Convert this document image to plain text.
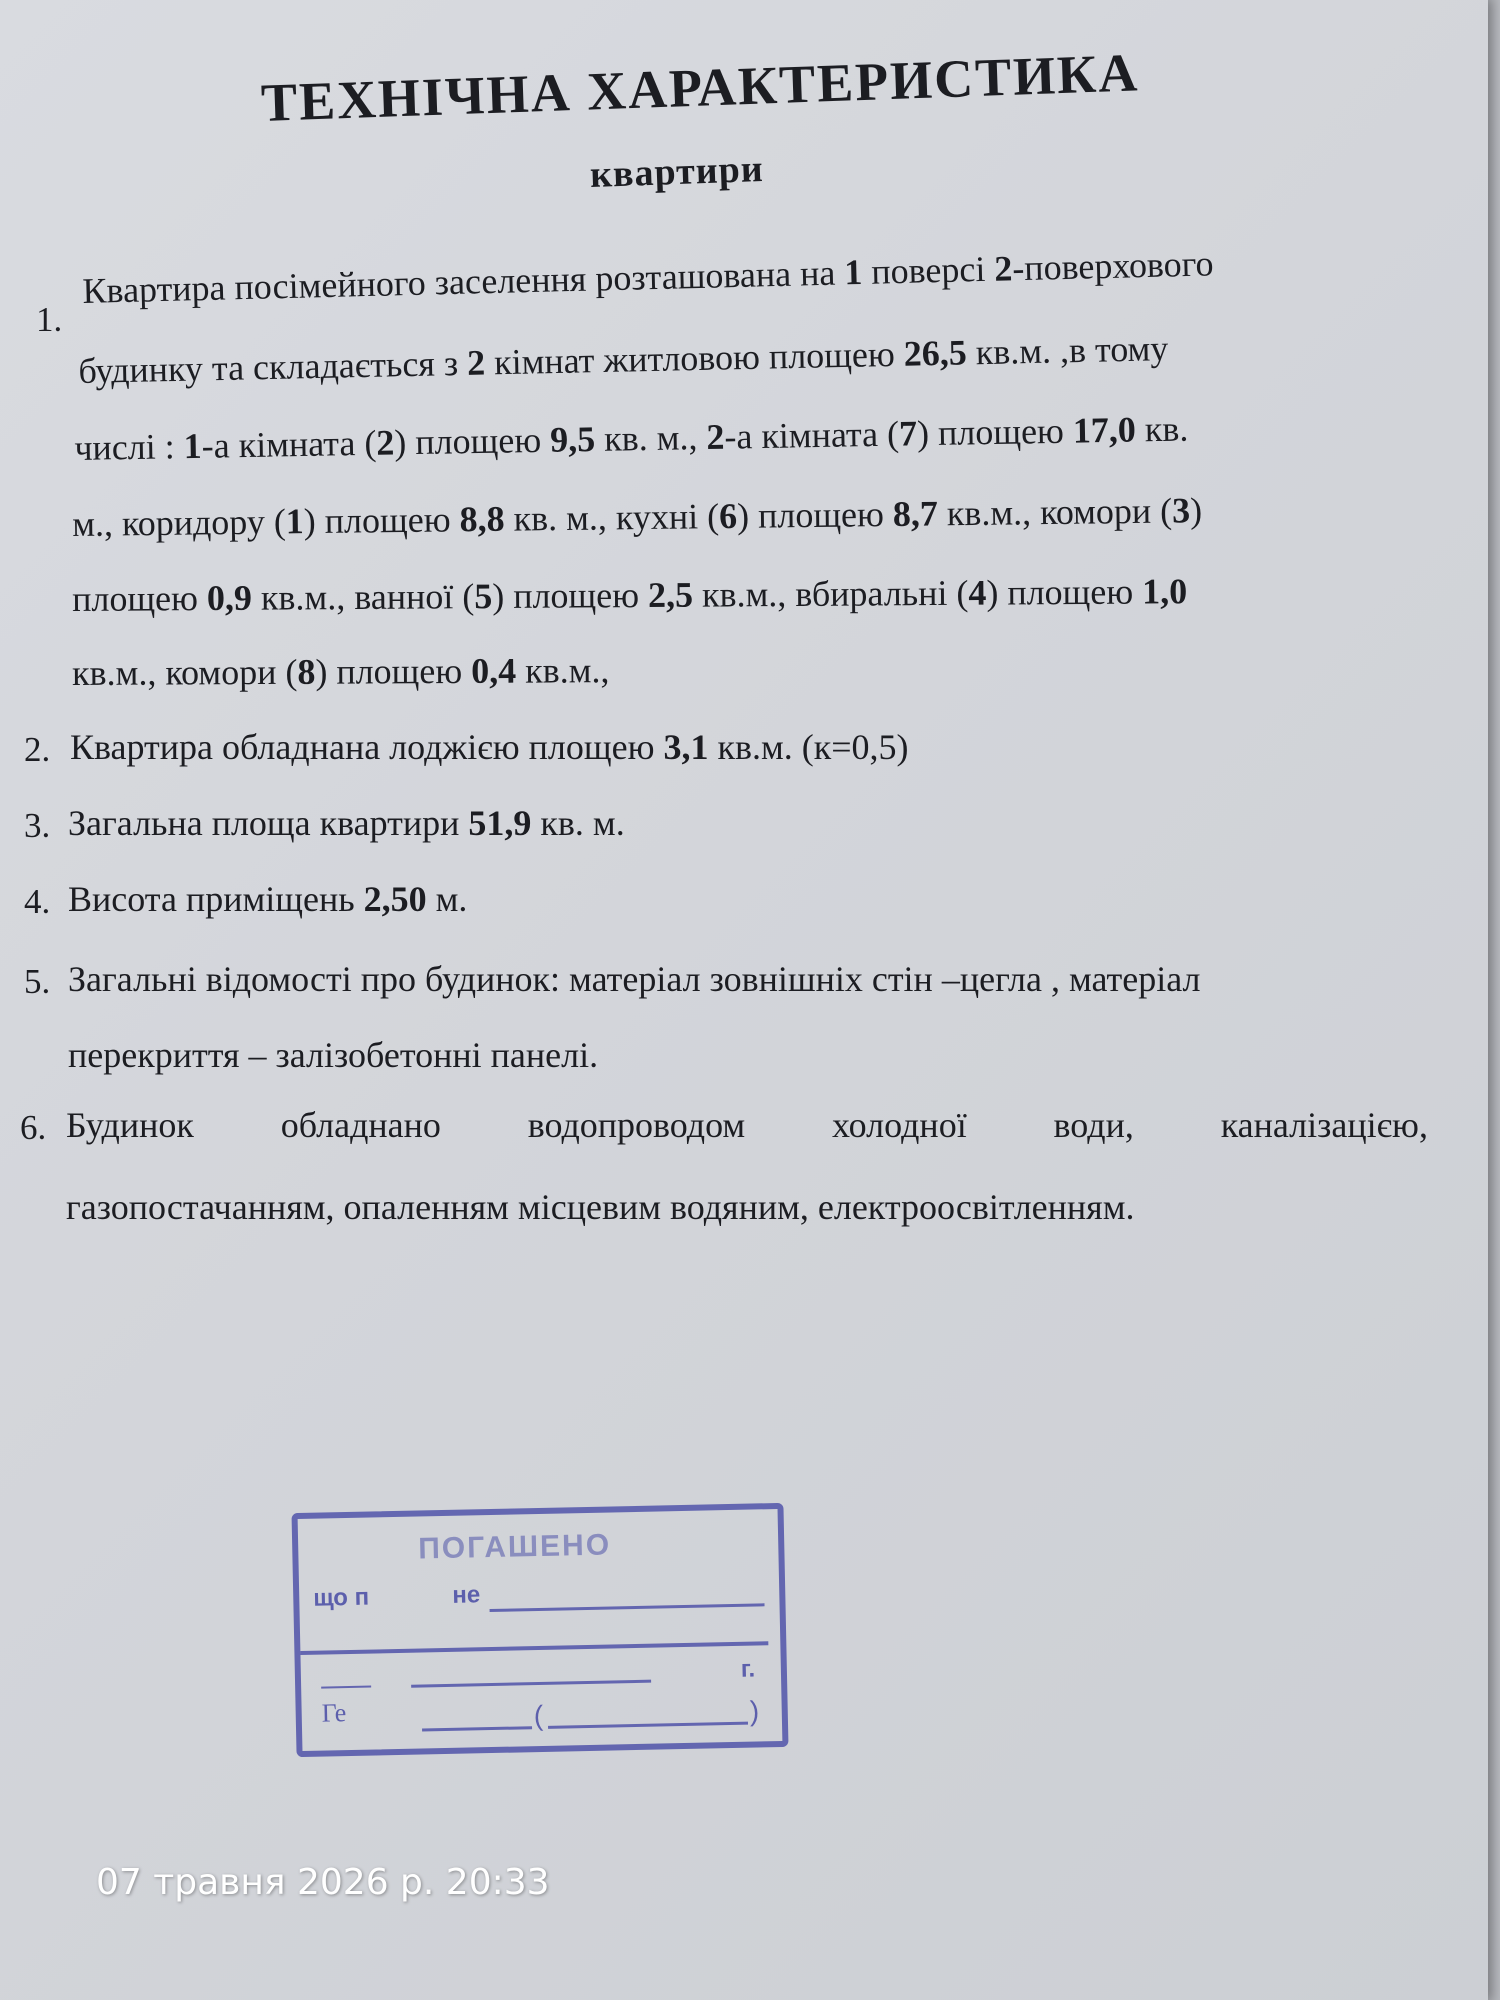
ТЕХНІЧНА ХАРАКТЕРИСТИКА
квартири
1.
Квартира посімейного заселення розташована на 1 поверсі 2-поверхового
будинку та складається з 2 кімнат житловою площею 26,5 кв.м. ,в тому
числі : 1-а кімната (2) площею 9,5 кв. м., 2-а кімната (7) площею 17,0 кв.
м., коридору (1) площею 8,8 кв. м., кухні (6) площею 8,7 кв.м., комори (3)
площею 0,9 кв.м., ванної (5) площею 2,5 кв.м., вбиральні (4) площею 1,0
кв.м., комори (8) площею 0,4 кв.м.,
2. Квартира обладнана лоджією площею 3,1 кв.м. (к=0,5)
3. Загальна площа квартири 51,9 кв. м.
4. Висота приміщень 2,50 м.
5. Загальні відомості про будинок: матеріал зовнішніх стін –цегла , матеріал
перекриття – залізобетонні панелі.
6. Будинок обладнано водопроводом холодної води, каналізацією,
газопостачанням, опаленням місцевим водяним, електроосвітленням.
ПОГАШЕНО
що п	не
г.
Ге	(	)
07 травня 2026 р. 20:33
